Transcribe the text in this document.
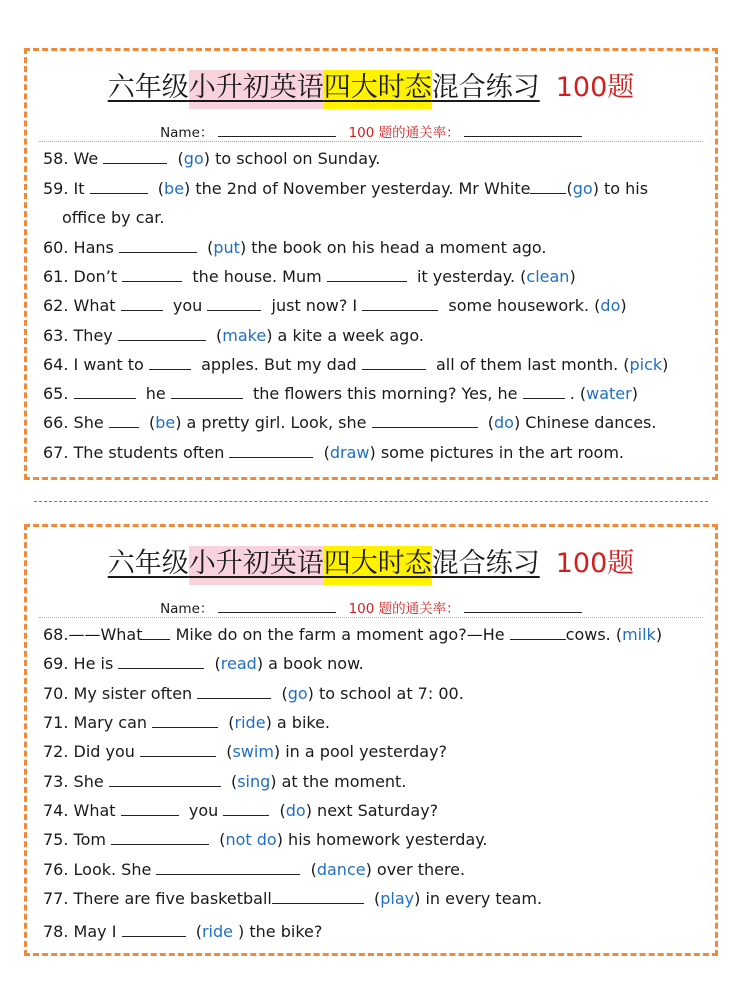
六年级小升初英语四大时态混合练习 100题
Name：	100 题的通关率：
58. We	(go) to school on Sunday.
59. It	(be) the 2nd of November yesterday. Mr White (go) to his
office by car.
60. Hans	(put) the book on his head a moment ago.
61. Don’t	the house. Mum	it yesterday. (clean)
62. What	you	just now? I	some housework. (do)
63. They	(make) a kite a week ago.
64. I want to	apples. But my dad	all of them last month. (pick)
65.	he	the flowers this morning? Yes, he	. (water)
66. She   (be) a pretty girl. Look, she	(do) Chinese dances.
67. The students often	(draw) some pictures in the art room.
六年级小升初英语四大时态混合练习 100题
Name：	100 题的通关率：
68.——What Mike do on the farm a moment ago?—He	cows. (milk)
69. He is	(read) a book now.
70. My sister often	(go) to school at 7: 00.
71. Mary can	(ride) a bike.
72. Did you	(swim) in a pool yesterday?
73. She	(sing) at the moment.
74. What	you	(do) next Saturday?
75. Tom	(not do) his homework yesterday.
76. Look. She	(dance) over there.
77. There are five basketball	(play) in every team.
78. May I	(ride ) the bike?
